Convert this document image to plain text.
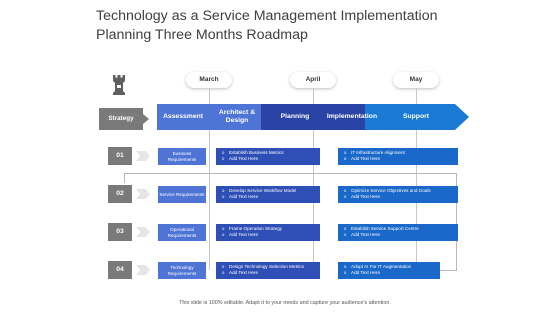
Technology as a Service Management Implementation Planning Three Months Roadmap
March	April	May
Strategy	Assessment
Architect & Design
Planning	Implementation	Support
01	Business Requirements
o Establish Business Metrics
o Add Text Here
o IT Infrastructure Alignment
o Add Text Here
02	Service Requirements
o Develop Service Workflow Model
o Add Text Here
o Optimize Service Objectives and Goals
o Add Text Here
03	Operational Requirements
o Frame Operation Strategy
o Add Text Here
o Establish Service Support Centre
o Add Text Here
04	Technology Requirements
o Design Technology Selection Metrics
o Add Text Here
o Adopt AI For IT Augmentation
o Add Text Here
This slide is 100% editable. Adapt it to your needs and capture your audience's attention.
